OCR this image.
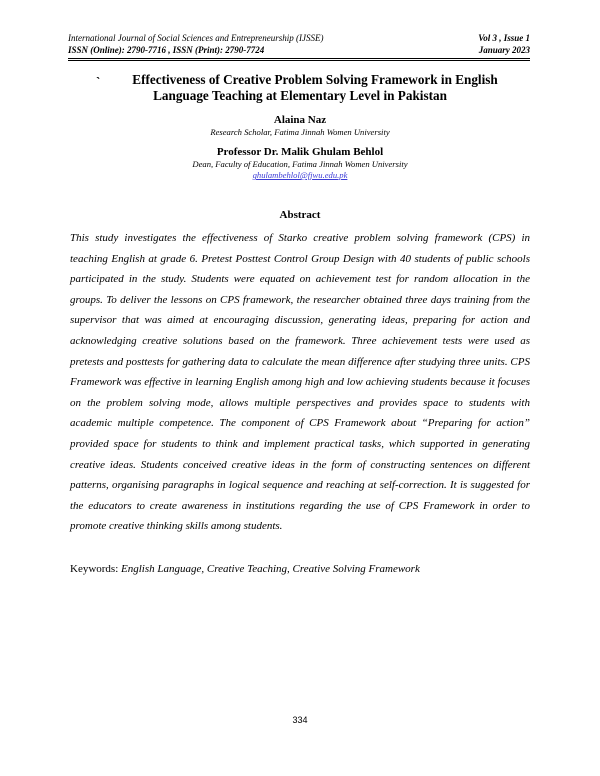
International Journal of Social Sciences and Entrepreneurship (IJSSE)	Vol 3 , Issue 1
ISSN (Online): 2790-7716 , ISSN (Print): 2790-7724	January 2023
`	Effectiveness of Creative Problem Solving Framework in English
Language Teaching at Elementary Level in Pakistan
Alaina Naz
Research Scholar, Fatima Jinnah Women University
Professor Dr. Malik Ghulam Behlol
Dean, Faculty of Education, Fatima Jinnah Women University
ghulambehlol@fjwu.edu.pk
Abstract
This study investigates the effectiveness of Starko creative problem solving framework (CPS) in teaching English at grade 6. Pretest Posttest Control Group Design with 40 students of public schools participated in the study. Students were equated on achievement test for random allocation in the groups. To deliver the lessons on CPS framework, the researcher obtained three days training from the supervisor that was aimed at encouraging discussion, generating ideas, preparing for action and acknowledging creative solutions based on the framework. Three achievement tests were used as pretests and posttests for gathering data to calculate the mean difference after studying three units. CPS Framework was effective in learning English among high and low achieving students because it focuses on the problem solving mode, allows multiple perspectives and provides space to students with academic multiple competence. The component of CPS Framework about “Preparing for action” provided space for students to think and implement practical tasks, which supported in generating creative ideas. Students conceived creative ideas in the form of constructing sentences on different patterns, organising paragraphs in logical sequence and reaching at self-correction. It is suggested for the educators to create awareness in institutions regarding the use of CPS Framework in order to promote creative thinking skills among students.
Keywords: English Language, Creative Teaching, Creative Solving Framework
334
